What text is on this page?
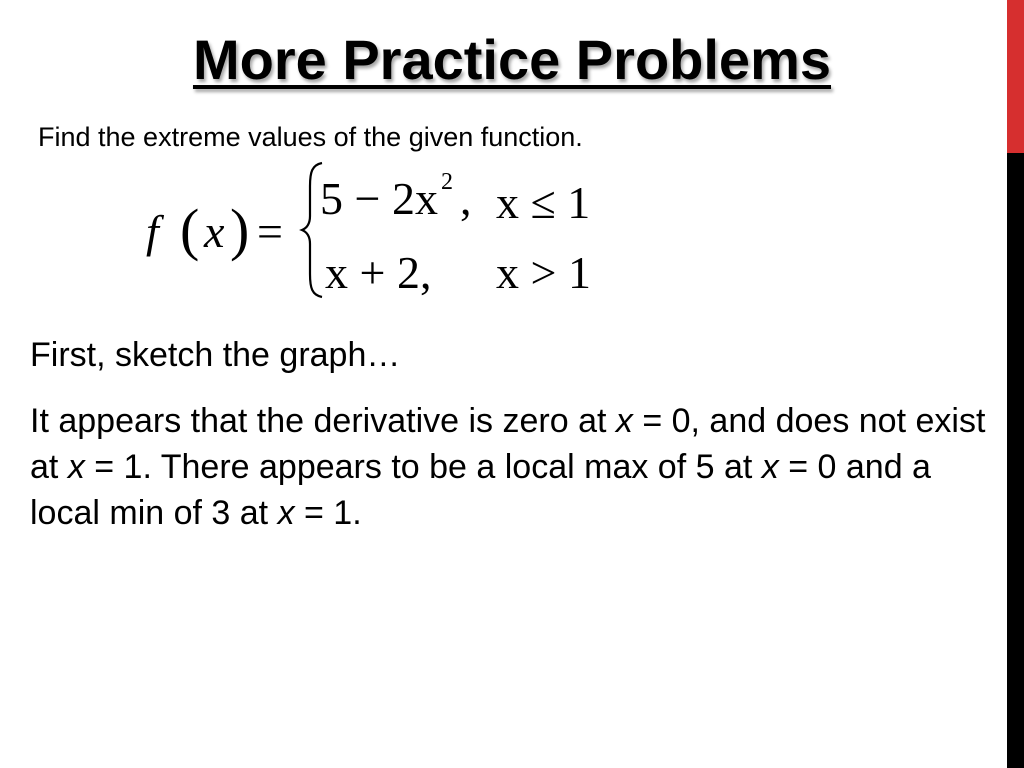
More Practice Problems
Find the extreme values of the given function.
f ( x ) =
5 − 2x 2 , x ≤ 1
x + 2, x > 1
First, sketch the graph…
It appears that the derivative is zero at x = 0, and does not exist at x = 1. There appears to be a local max of 5 at x = 0 and a local min of 3 at x = 1.
